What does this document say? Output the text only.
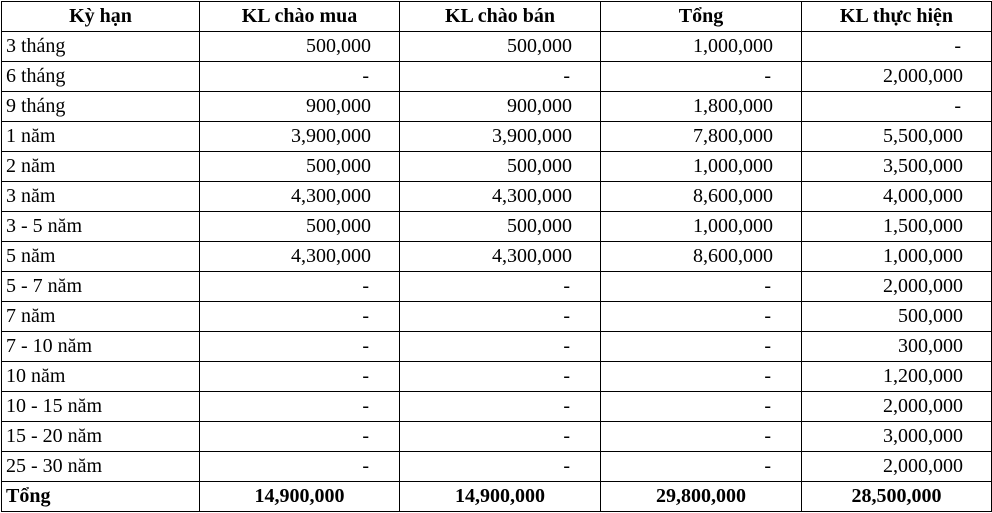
Kỳ hạn	KL chào mua	KL chào bán	Tổng	KL thực hiện
3 tháng	500,000	500,000	1,000,000	-
6 tháng	-	-	-	2,000,000
9 tháng	900,000	900,000	1,800,000	-
1 năm	3,900,000	3,900,000	7,800,000	5,500,000
2 năm	500,000	500,000	1,000,000	3,500,000
3 năm	4,300,000	4,300,000	8,600,000	4,000,000
3 - 5 năm	500,000	500,000	1,000,000	1,500,000
5 năm	4,300,000	4,300,000	8,600,000	1,000,000
5 - 7 năm	-	-	-	2,000,000
7 năm	-	-	-	500,000
7 - 10 năm	-	-	-	300,000
10 năm	-	-	-	1,200,000
10 - 15 năm	-	-	-	2,000,000
15 - 20 năm	-	-	-	3,000,000
25 - 30 năm	-	-	-	2,000,000
Tổng	14,900,000	14,900,000	29,800,000	28,500,000
